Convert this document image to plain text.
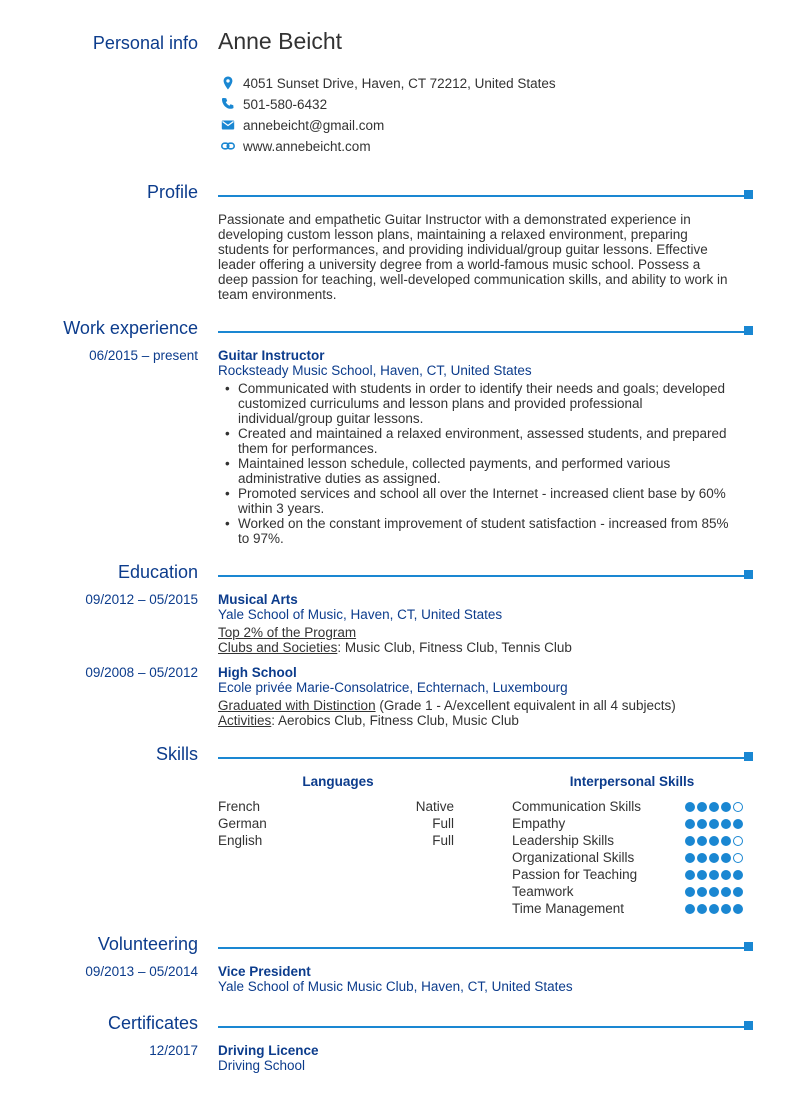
Personal info Anne Beicht
4051 Sunset Drive, Haven, CT 72212, United States
501-580-6432
annebeicht@gmail.com
www.annebeicht.com
Profile
Passionate and empathetic Guitar Instructor with a demonstrated experience in
developing custom lesson plans, maintaining a relaxed environment, preparing
students for performances, and providing individual/group guitar lessons. Effective
leader offering a university degree from a world-famous music school. Possess a
deep passion for teaching, well-developed communication skills, and ability to work in
team environments.
Work experience
06/2015 – present Guitar Instructor
Rocksteady Music School, Haven, CT, United States
• Communicated with students in order to identify their needs and goals; developed
customized curriculums and lesson plans and provided professional
individual/group guitar lessons.
• Created and maintained a relaxed environment, assessed students, and prepared
them for performances.
• Maintained lesson schedule, collected payments, and performed various
administrative duties as assigned.
• Promoted services and school all over the Internet - increased client base by 60%
within 3 years.
• Worked on the constant improvement of student satisfaction - increased from 85%
to 97%.
Education
09/2012 – 05/2015 Musical Arts
Yale School of Music, Haven, CT, United States
Top 2% of the Program
Clubs and Societies: Music Club, Fitness Club, Tennis Club
09/2008 – 05/2012 High School
Ecole privée Marie-Consolatrice, Echternach, Luxembourg
Graduated with Distinction (Grade 1 - A/excellent equivalent in all 4 subjects)
Activities: Aerobics Club, Fitness Club, Music Club
Skills
Languages	Interpersonal Skills
French	Native
German	Full
English	Full
Communication Skills
Empathy
Leadership Skills
Organizational Skills
Passion for Teaching
Teamwork
Time Management
Volunteering
09/2013 – 05/2014 Vice President
Yale School of Music Music Club, Haven, CT, United States
Certificates
12/2017 Driving Licence
Driving School
